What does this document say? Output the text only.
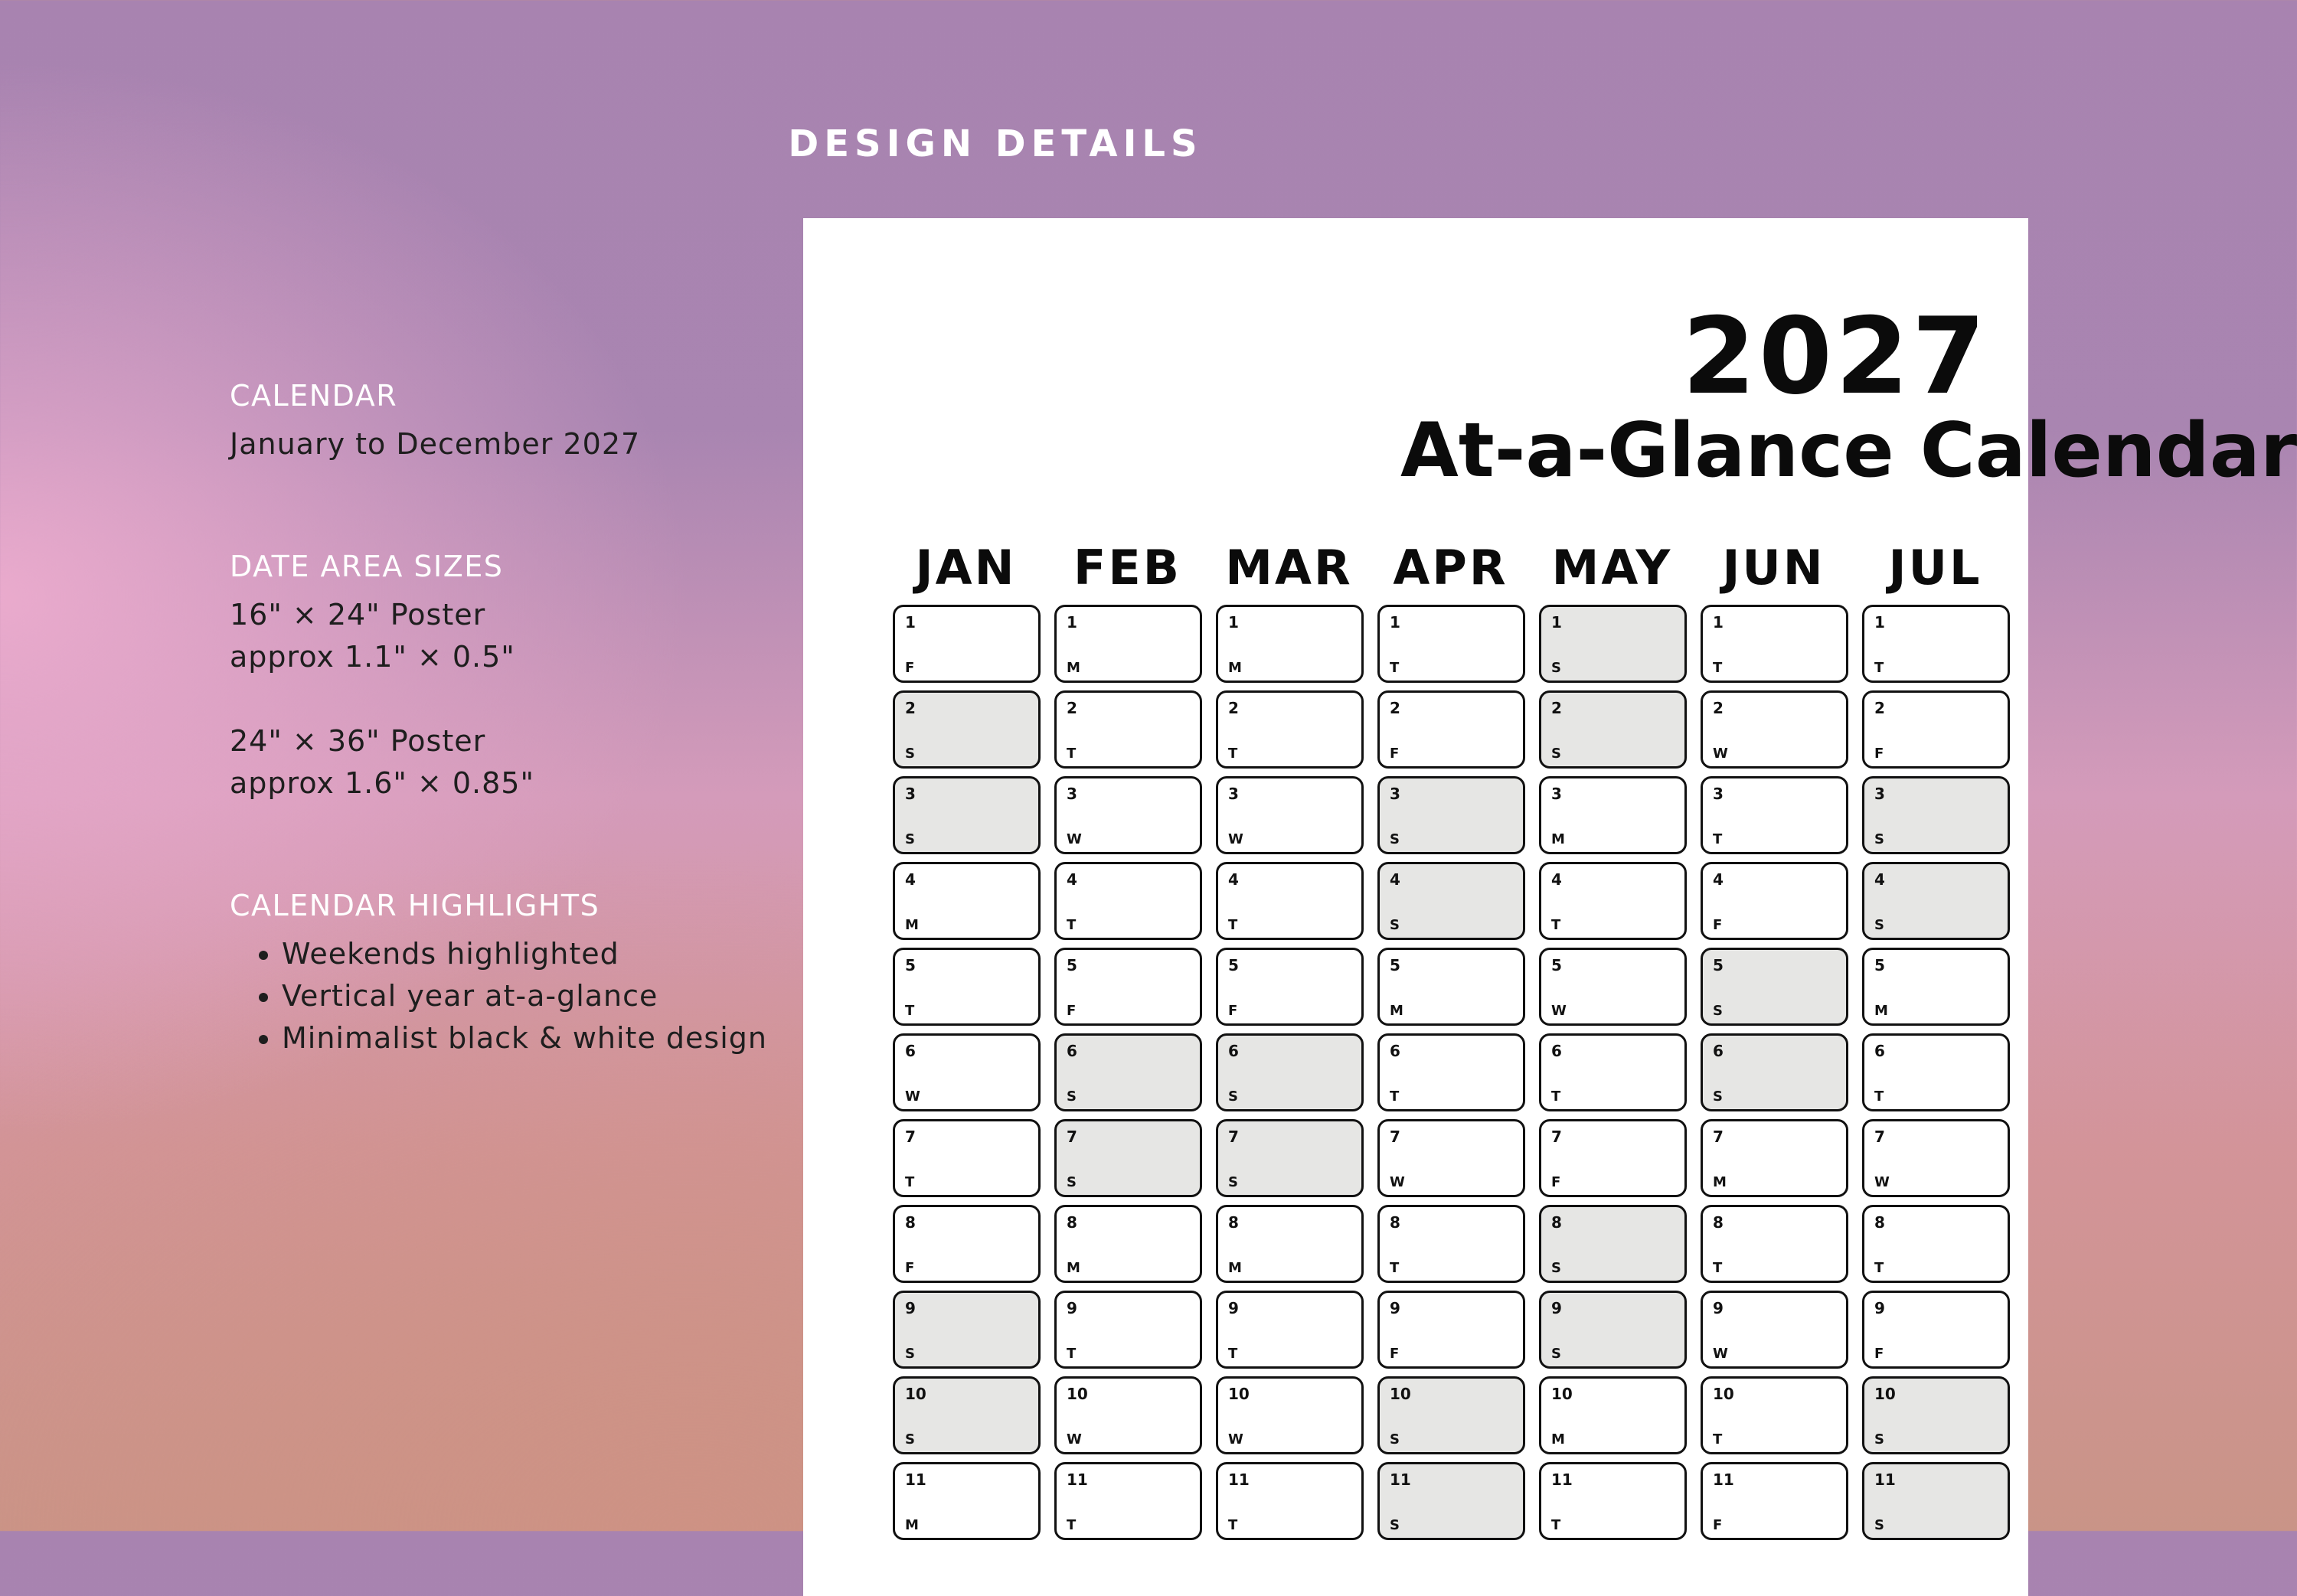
DESIGN DETAILS
CALENDAR
January to December 2027
DATE AREA SIZES
16" × 24" Poster
approx 1.1" × 0.5"
24" × 36" Poster
approx 1.6" × 0.85"
CALENDAR HIGHLIGHTS
• Weekends highlighted
• Vertical year at-a-glance
• Minimalist black & white design
2027
At-a-Glance Calendar
JAN
1
F
2
S
3
S
4
M
5
T
6
W
7
T
8
F
9
S
10
S
11
M
FEB
1
M
2
T
3
W
4
T
5
F
6
S
7
S
8
M
9
T
10
W
11
T
MAR
1
M
2
T
3
W
4
T
5
F
6
S
7
S
8
M
9
T
10
W
11
T
APR
1
T
2
F
3
S
4
S
5
M
6
T
7
W
8
T
9
F
10
S
11
S
MAY
1
S
2
S
3
M
4
T
5
W
6
T
7
F
8
S
9
S
10
M
11
T
JUN
1
T
2
W
3
T
4
F
5
S
6
S
7
M
8
T
9
W
10
T
11
F
JUL
1
T
2
F
3
S
4
S
5
M
6
T
7
W
8
T
9
F
10
S
11
S
